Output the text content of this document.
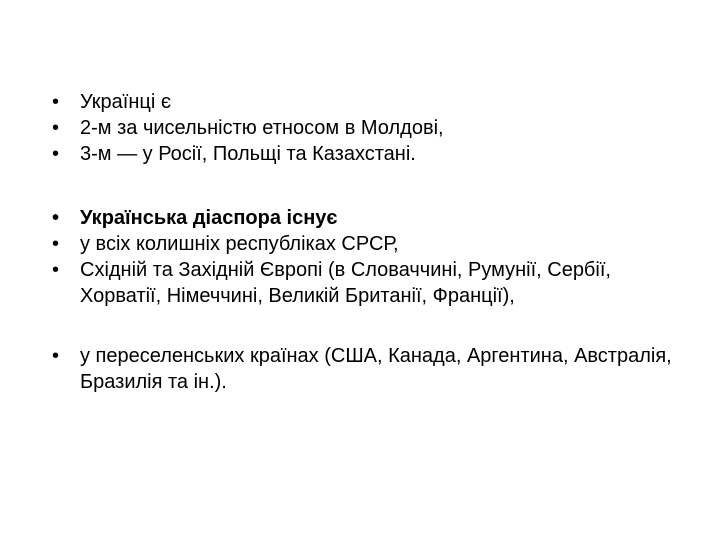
•	Українці є
•	2-м за чисельністю етносом в Молдові,
•	3-м — у Росії, Польщі та Казахстані.
•	Українська діаспора існує
•	у всіх колишніх республіках СРСР,
•	Східній та Західній Європі (в Словаччині, Румунії, Сербії, Хорватії, Німеччині, Великій Британії, Франції),
•	у переселенських країнах (США, Канада, Аргентина, Австралія, Бразилія та ін.).
